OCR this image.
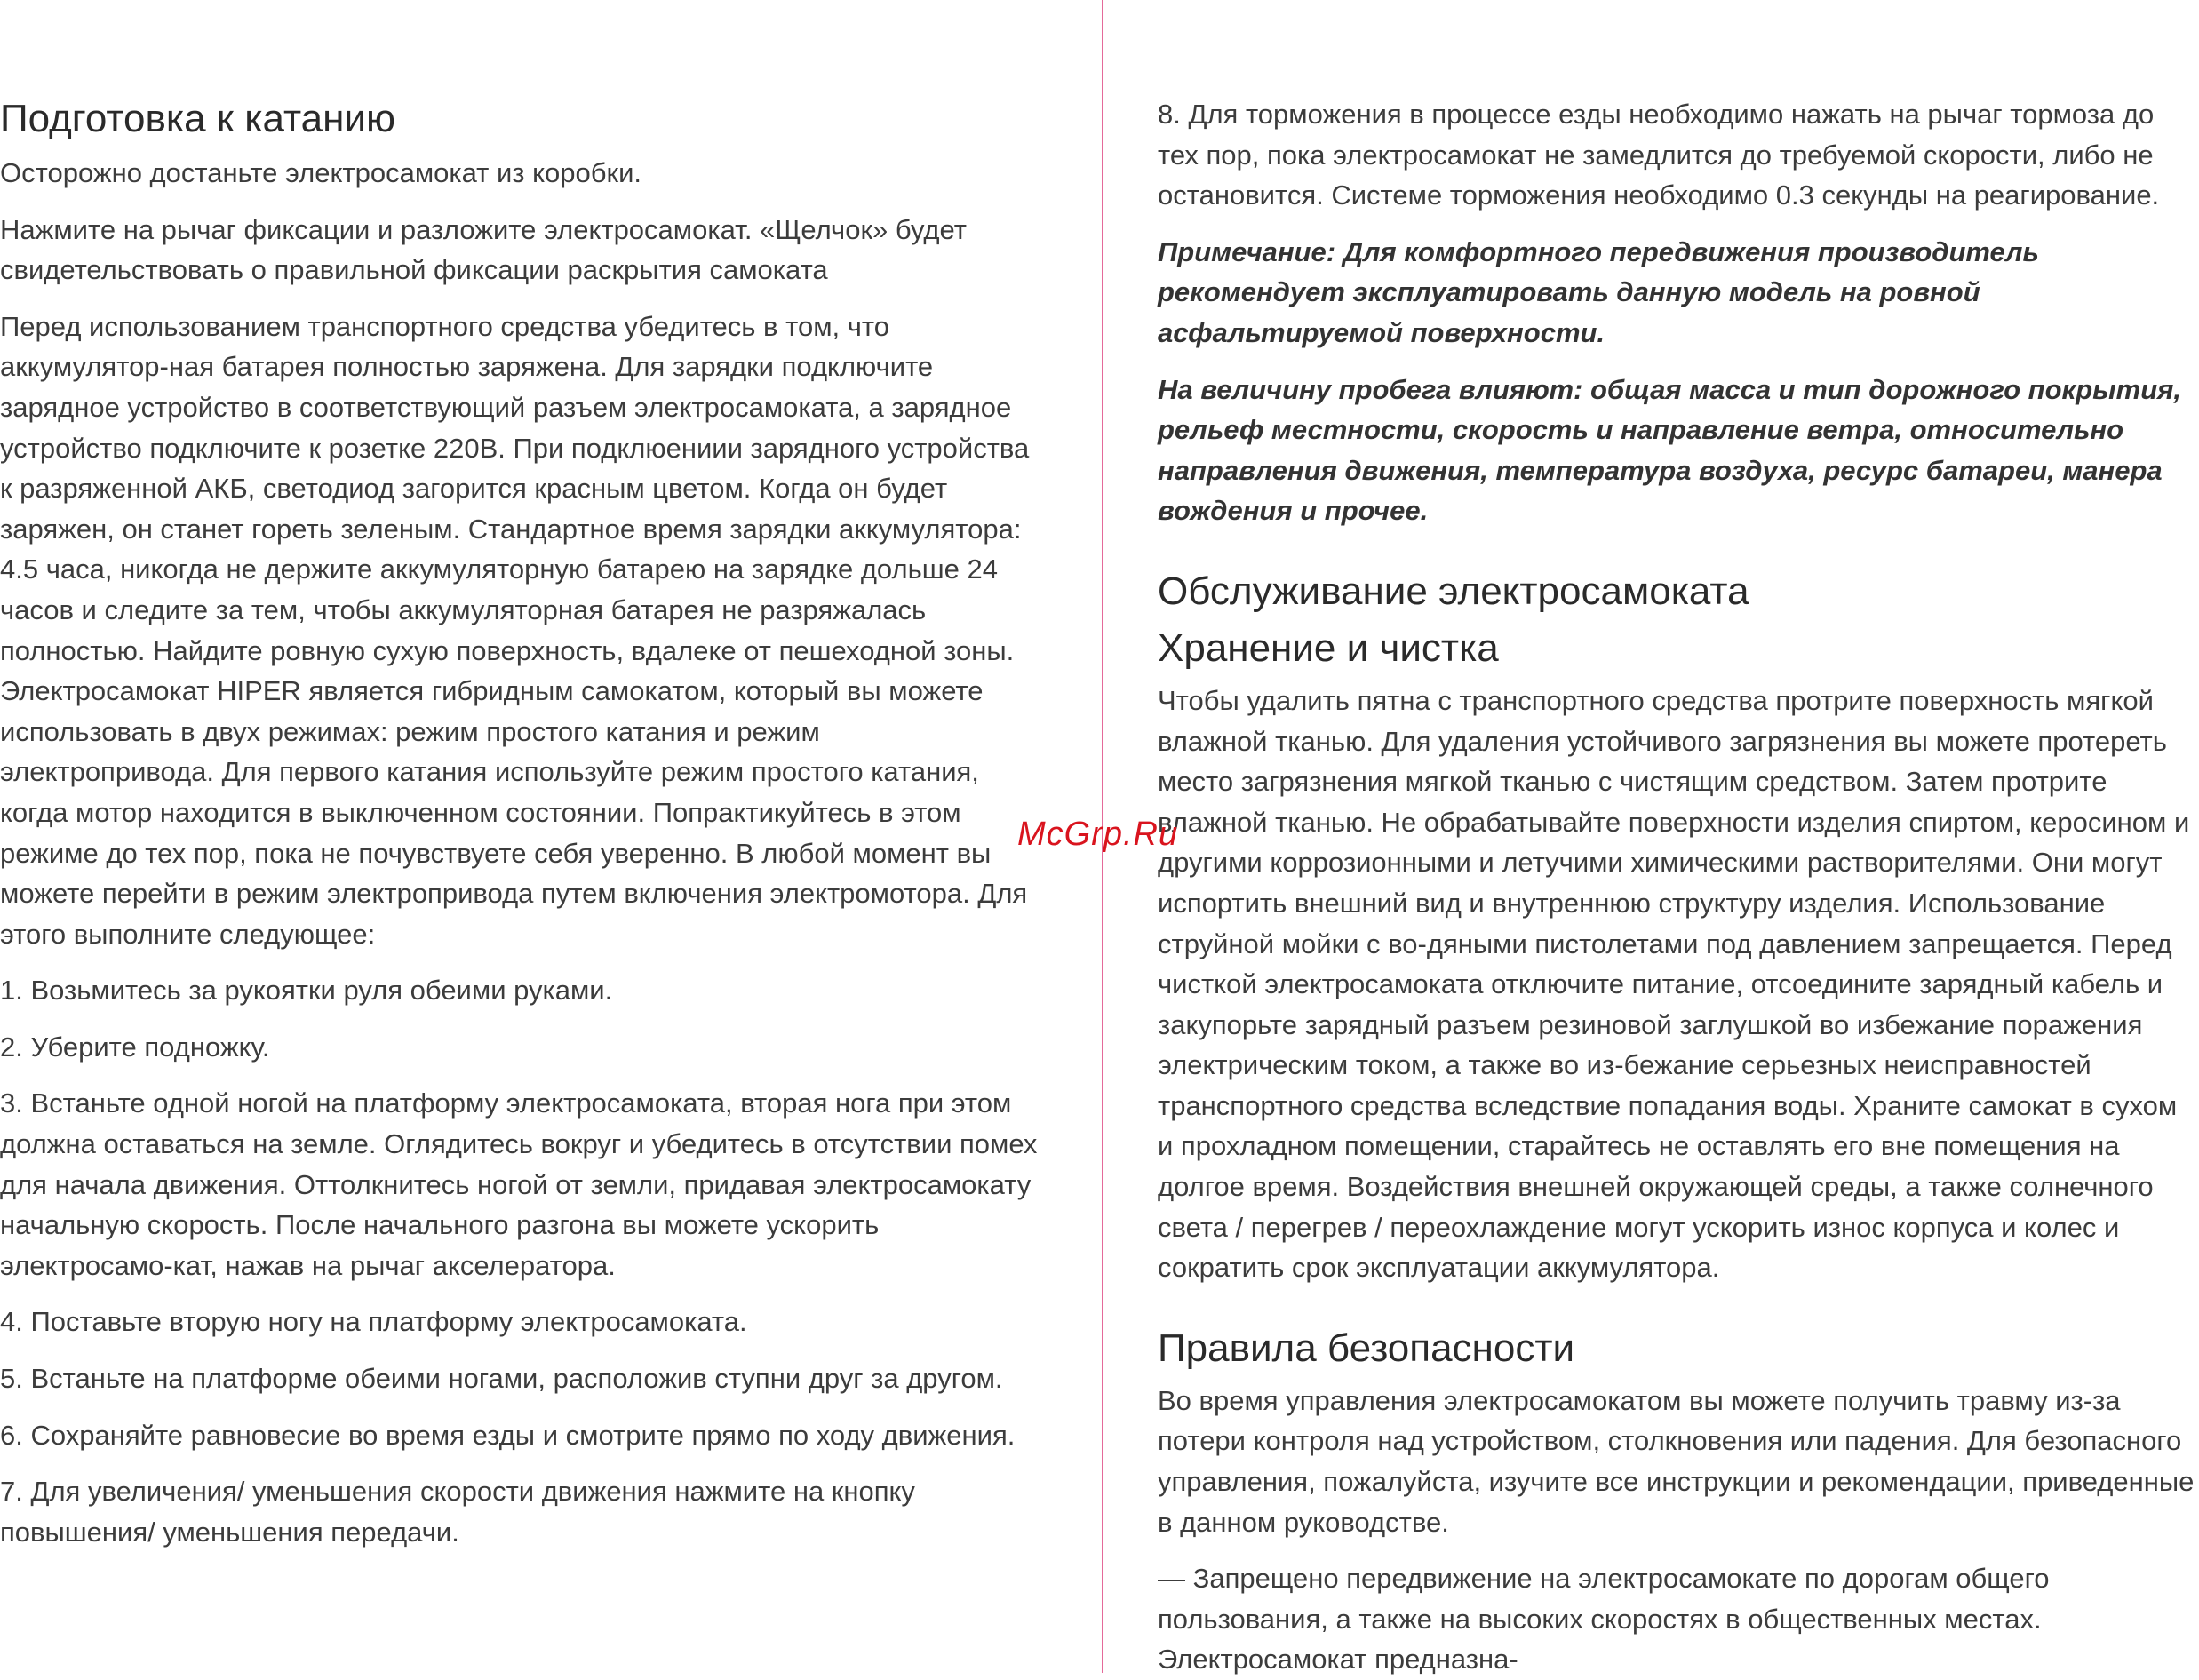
Подготовка к катанию

Осторожно достаньте электросамокат из коробки.

Нажмите на рычаг фиксации и разложите электросамокат. «Щелчок» будет свидетельствовать о правильной фиксации раскрытия самоката

Перед использованием транспортного средства убедитесь в том, что аккумулятор-ная батарея полностью заряжена. Для зарядки подключите зарядное устройство в соответствующий разъем электросамоката, а зарядное устройство подключите к розетке 220В. При подклюениии зарядного устройства к разряженной АКБ, светодиод загорится красным цветом. Когда он будет заряжен, он станет гореть зеленым. Стандартное время зарядки аккумулятора: 4.5 часа, никогда не держите аккумуляторную батарею на зарядке дольше 24 часов и следите за тем, чтобы аккумуляторная батарея не разряжалась полностью. Найдите ровную сухую поверхность, вдалеке от пешеходной зоны. Электросамокат HIPER является гибридным самокатом, который вы можете использовать в двух режимах: режим простого катания и режим электропривода. Для первого катания используйте режим простого катания, когда мотор находится в выключенном состоянии. Попрактикуйтесь в этом режиме до тех пор, пока не почувствуете себя уверенно. В любой момент вы можете перейти в режим электропривода путем включения электромотора. Для этого выполните следующее:

1. Возьмитесь за рукоятки руля обеими руками.

2. Уберите подножку.

3. Встаньте одной ногой на платформу электросамоката, вторая нога при этом должна оставаться на земле. Оглядитесь вокруг и убедитесь в отсутствии помех для начала движения. Оттолкнитесь ногой от земли, придавая электросамокату начальную скорость. После начального разгона вы можете ускорить электросамо-кат, нажав на рычаг акселератора.

4. Поставьте вторую ногу на платформу электросамоката.

5. Встаньте на платформе обеими ногами, расположив ступни друг за другом.

6. Сохраняйте равновесие во время езды и смотрите прямо по ходу движения.

7. Для увеличения/ уменьшения скорости движения нажмите на кнопку повышения/ уменьшения передачи.

8. Для торможения в процессе езды необходимо нажать на рычаг тормоза до тех пор, пока электросамокат не замедлится до требуемой скорости, либо не остановится. Системе торможения необходимо 0.3 секунды на реагирование.

Примечание: Для комфортного передвижения производитель рекомендует эксплуатировать данную модель на ровной асфальтируемой поверхности.

На величину пробега влияют: общая масса и тип дорожного покрытия, рельеф местности, скорость и направление ветра, относительно направления движения, температура воздуха, ресурс батареи, манера вождения и прочее.

Обслуживание электросамоката
Хранение и чистка

Чтобы удалить пятна с транспортного средства протрите поверхность мягкой влажной тканью. Для удаления устойчивого загрязнения вы можете протереть место загрязнения мягкой тканью с чистящим средством. Затем протрите влажной тканью. Не обрабатывайте поверхности изделия спиртом, керосином и другими коррозионными и летучими химическими растворителями. Они могут испортить внешний вид и внутреннюю структуру изделия. Использование струйной мойки с во-дяными пистолетами под давлением запрещается. Перед чисткой электросамоката отключите питание, отсоедините зарядный кабель и закупорьте зарядный разъем резиновой заглушкой во избежание поражения электрическим током, а также во из-бежание серьезных неисправностей транспортного средства вследствие попадания воды. Храните самокат в сухом и прохладном помещении, старайтесь не оставлять его вне помещения на долгое время. Воздействия внешней окружающей среды, а также солнечного света / перегрев / переохлаждение могут ускорить износ корпуса и колес и сократить срок эксплуатации аккумулятора.

Правила безопасности

Во время управления электросамокатом вы можете получить травму из-за потери контроля над устройством, столкновения или падения. Для безопасного управления, пожалуйста, изучите все инструкции и рекомендации, приведенные в данном руководстве.

— Запрещено передвижение на электросамокате по дорогам общего пользования, а также на высоких скоростях в общественных местах. Электросамокат предназна-

McGrp.Ru
